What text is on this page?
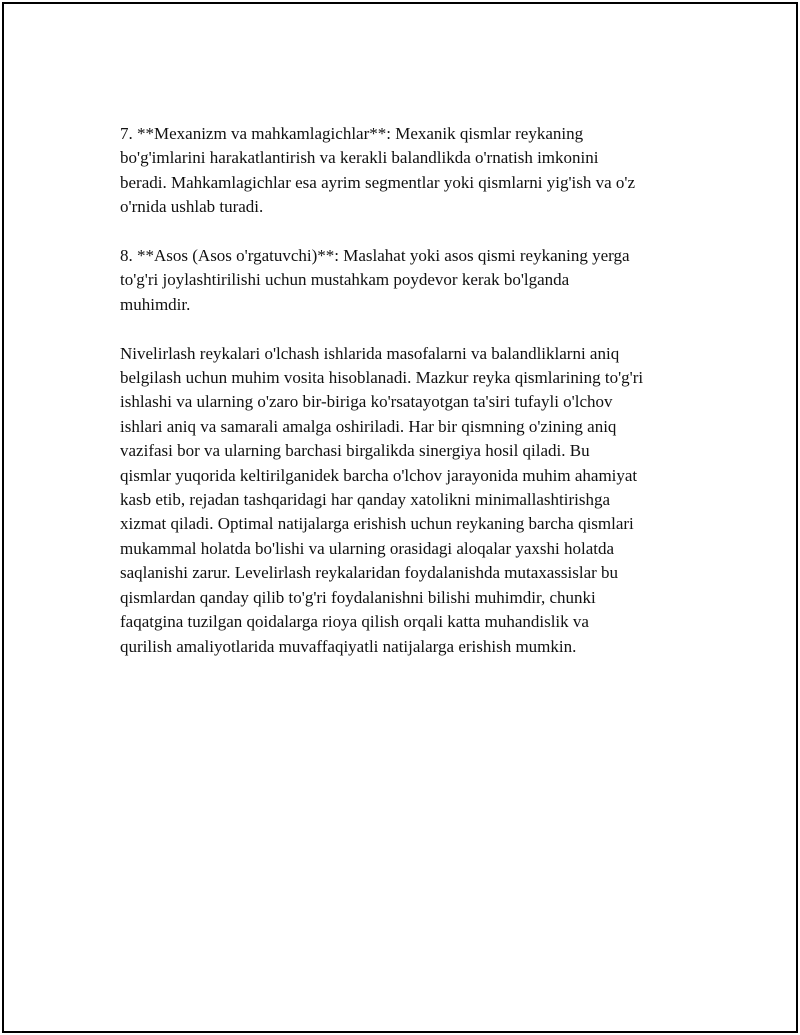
7. **Mexanizm va mahkamlagichlar**: Mexanik qismlar reykaning
bo'g'imlarini harakatlantirish va kerakli balandlikda o'rnatish imkonini
beradi. Mahkamlagichlar esa ayrim segmentlar yoki qismlarni yig'ish va o'z
o'rnida ushlab turadi.

8. **Asos (Asos o'rgatuvchi)**: Maslahat yoki asos qismi reykaning yerga
to'g'ri joylashtirilishi uchun mustahkam poydevor kerak bo'lganda
muhimdir.

Nivelirlash reykalari o'lchash ishlarida masofalarni va balandliklarni aniq
belgilash uchun muhim vosita hisoblanadi. Mazkur reyka qismlarining to'g'ri
ishlashi va ularning o'zaro bir-biriga ko'rsatayotgan ta'siri tufayli o'lchov
ishlari aniq va samarali amalga oshiriladi. Har bir qismning o'zining aniq
vazifasi bor va ularning barchasi birgalikda sinergiya hosil qiladi. Bu
qismlar yuqorida keltirilganidek barcha o'lchov jarayonida muhim ahamiyat
kasb etib, rejadan tashqaridagi har qanday xatolikni minimallashtirishga
xizmat qiladi. Optimal natijalarga erishish uchun reykaning barcha qismlari
mukammal holatda bo'lishi va ularning orasidagi aloqalar yaxshi holatda
saqlanishi zarur. Levelirlash reykalaridan foydalanishda mutaxassislar bu
qismlardan qanday qilib to'g'ri foydalanishni bilishi muhimdir, chunki
faqatgina tuzilgan qoidalarga rioya qilish orqali katta muhandislik va
qurilish amaliyotlarida muvaffaqiyatli natijalarga erishish mumkin.
